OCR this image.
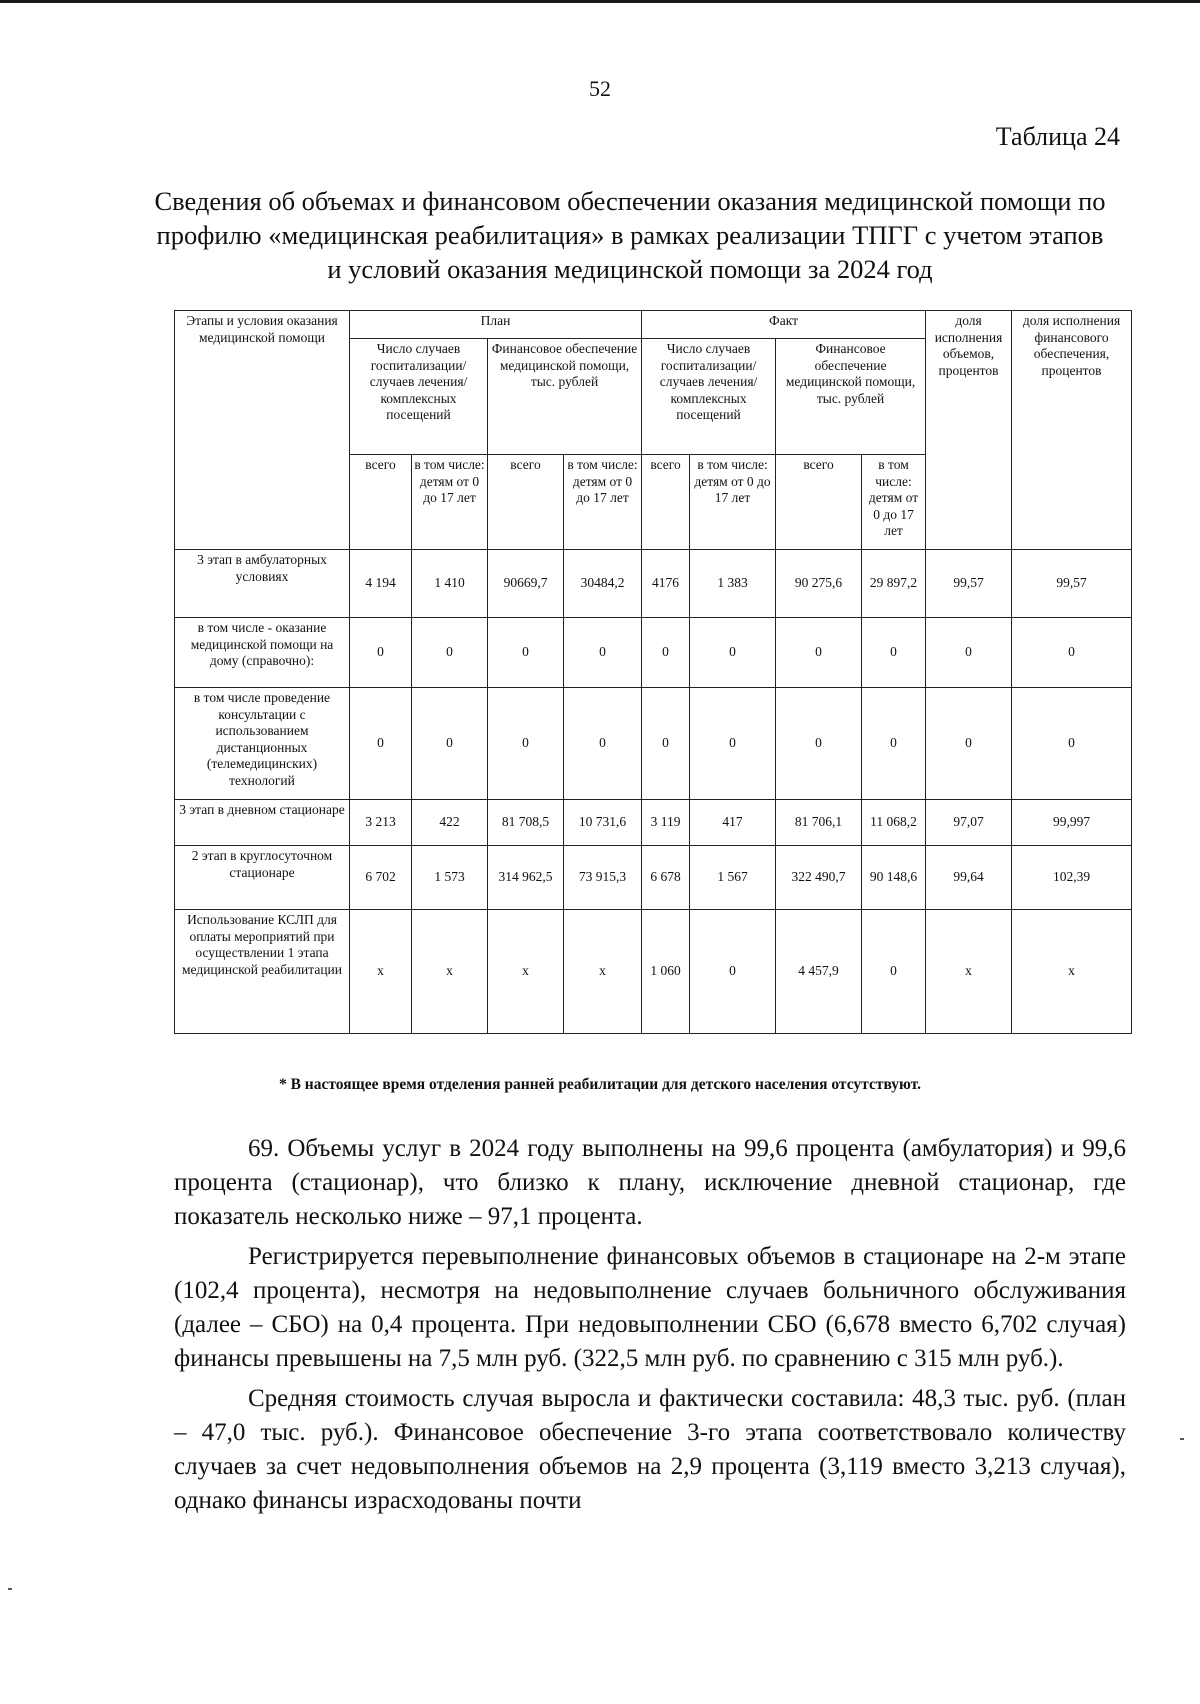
52
Таблица 24
Сведения об объемах и финансовом обеспечении оказания медицинской помощи по профилю «медицинская реабилитация» в рамках реализации ТПГГ с учетом этапов и условий оказания медицинской помощи за 2024 год
Этапы и условия оказания медицинской помощи	План				Факт				доля исполнения объемов, процентов	доля исполнения финансового обеспечения, процентов
	Число случаев госпитализации/ случаев лечения/ комплексных посещений		Финансовое обеспечение медицинской помощи, тыс. рублей		Число случаев госпитализации/ случаев лечения/ комплексных посещений		Финансовое обеспечение медицинской помощи, тыс. рублей			
	всего	в том числе: детям от 0 до 17 лет	всего	в том числе: детям от 0 до 17 лет	всего	в том числе: детям от 0 до 17 лет	всего	в том числе: детям от 0 до 17 лет		
3 этап в амбулаторных условиях	4 194	1 410	90669,7	30484,2	4176	1 383	90 275,6	29 897,2	99,57	99,57
в том числе - оказание медицинской помощи на дому (справочно):	0	0	0	0	0	0	0	0	0	0
в том числе проведение консультации с использованием дистанционных (телемедицинских) технологий	0	0	0	0	0	0	0	0	0	0
3 этап в дневном стационаре	3 213	422	81 708,5	10 731,6	3 119	417	81 706,1	11 068,2	97,07	99,997
2 этап в круглосуточном стационаре	6 702	1 573	314 962,5	73 915,3	6 678	1 567	322 490,7	90 148,6	99,64	102,39
Использование КСЛП для оплаты мероприятий при осуществлении 1 этапа медицинской реабилитации	x	x	x	x	1 060	0	4 457,9	0	x	x
* В настоящее время отделения ранней реабилитации для детского населения отсутствуют.

69. Объемы услуг в 2024 году выполнены на 99,6 процента (амбулатория) и 99,6 процента (стационар), что близко к плану, исключение дневной стационар, где показатель несколько ниже – 97,1 процента.

Регистрируется перевыполнение финансовых объемов в стационаре на 2-м этапе (102,4 процента), несмотря на недовыполнение случаев больничного обслуживания (далее – СБО) на 0,4 процента. При недовыполнении СБО (6,678 вместо 6,702 случая) финансы превышены на 7,5 млн руб. (322,5 млн руб. по сравнению с 315 млн руб.).

Средняя стоимость случая выросла и фактически составила: 48,3 тыс. руб. (план – 47,0 тыс. руб.). Финансовое обеспечение 3-го этапа соответствовало количеству случаев за счет недовыполнения объемов на 2,9 процента (3,119 вместо 3,213 случая), однако финансы израсходованы почти
